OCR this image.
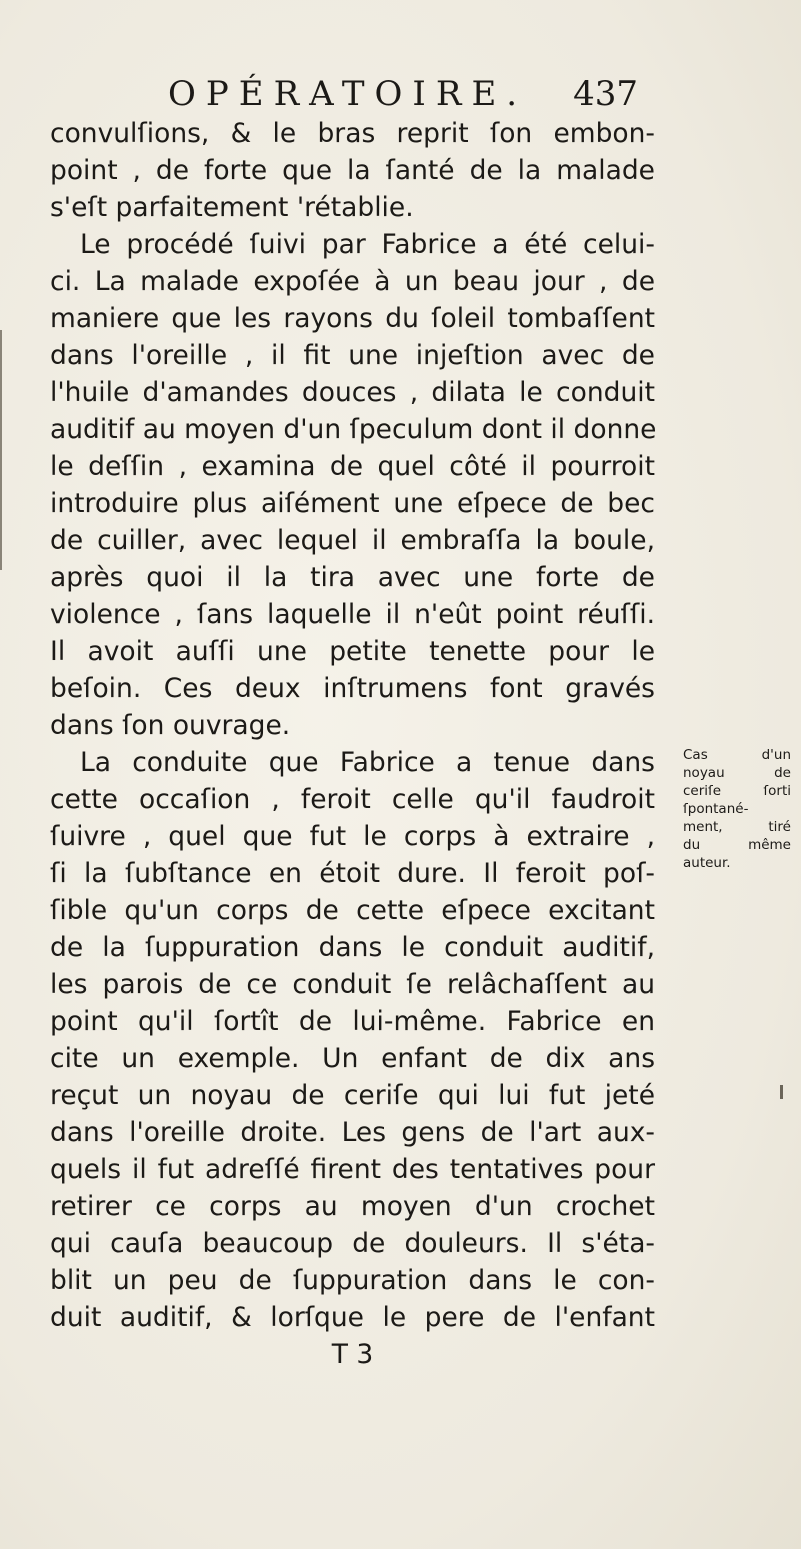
OPÉRATOIRE. 437
convulſions, & le bras reprit ſon embon-
point , de forte que la ſanté de la malade
s'eſt parfaitement 'rétablie.
Le procédé ſuivi par Fabrice a été celui-
ci. La malade expoſée à un beau jour , de
maniere que les rayons du ſoleil tombaſſent
dans l'oreille , il fit une injeſtion avec de
l'huile d'amandes douces , dilata le conduit
auditif au moyen d'un ſpeculum dont il donne
le deſſin , examina de quel côté il pourroit
introduire plus aiſément une eſpece de bec
de cuiller, avec lequel il embraſſa la boule,
après quoi il la tira avec une forte de
violence , ſans laquelle il n'eût point réuſſi.
Il avoit auſſi une petite tenette pour le
beſoin. Ces deux inſtrumens font gravés
dans ſon ouvrage.
La conduite que Fabrice a tenue dans
cette occaſion , feroit celle qu'il faudroit
ſuivre , quel que fut le corps à extraire ,
ſi la ſubſtance en étoit dure. Il feroit poſ-
ſible qu'un corps de cette eſpece excitant
de la ſuppuration dans le conduit auditif,
les parois de ce conduit ſe relâchaſſent au
point qu'il ſortît de lui-même. Fabrice en
cite un exemple. Un enfant de dix ans
reçut un noyau de ceriſe qui lui fut jeté
dans l'oreille droite. Les gens de l'art aux-
quels il fut adreſſé firent des tentatives pour
retirer ce corps au moyen d'un crochet
qui cauſa beaucoup de douleurs. Il s'éta-
blit un peu de ſuppuration dans le con-
duit auditif, & lorſque le pere de l'enfant
T 3
Cas d'un
noyau de
ceriſe ſorti
ſpontané-
ment, tiré
du même
auteur.
